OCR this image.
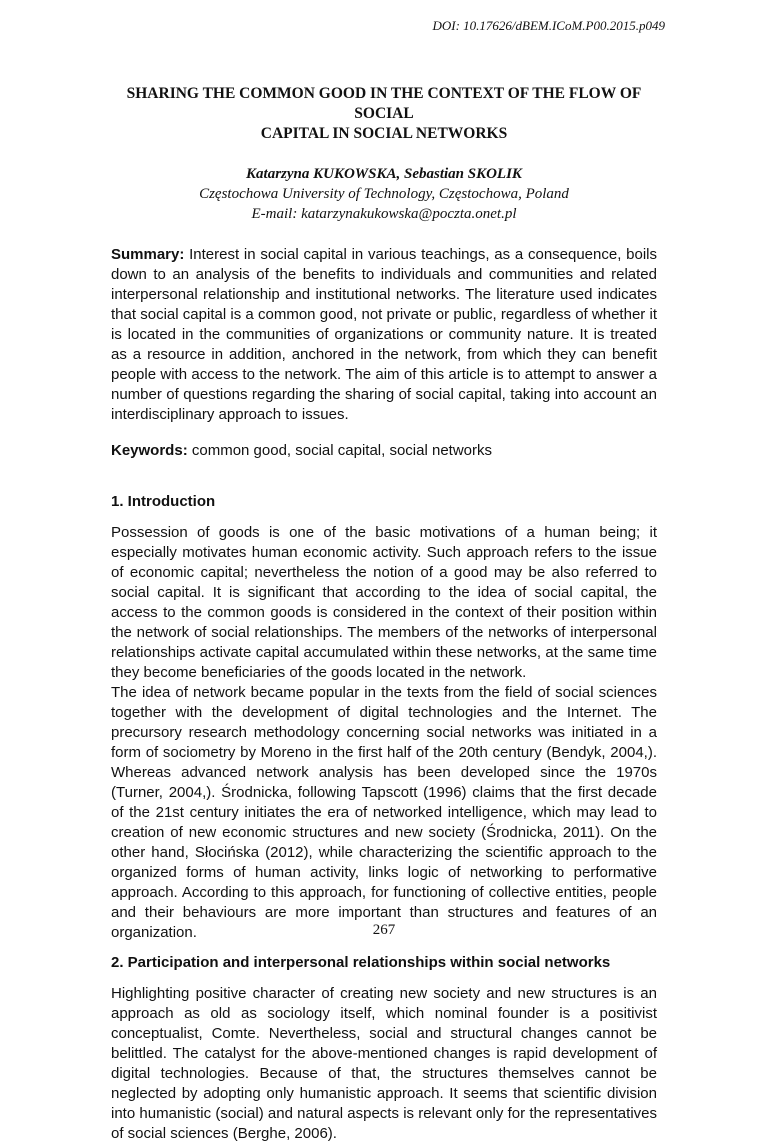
DOI: 10.17626/dBEM.ICoM.P00.2015.p049
SHARING THE COMMON GOOD IN THE CONTEXT OF THE FLOW OF SOCIAL
CAPITAL IN SOCIAL NETWORKS
Katarzyna KUKOWSKA, Sebastian SKOLIK
Częstochowa University of Technology, Częstochowa, Poland
E-mail: katarzynakukowska@poczta.onet.pl

Summary: Interest in social capital in various teachings, as a consequence, boils down to an analysis of the benefits to individuals and communities and related interpersonal relationship and institutional networks. The literature used indicates that social capital is a common good, not private or public, regardless of whether it is located in the communities of organizations or community nature. It is treated as a resource in addition, anchored in the network, from which they can benefit people with access to the network. The aim of this article is to attempt to answer a number of questions regarding the sharing of social capital, taking into account an interdisciplinary approach to issues.

Keywords: common good, social capital, social networks

1. Introduction

Possession of goods is one of the basic motivations of a human being; it especially motivates human economic activity. Such approach refers to the issue of economic capital; nevertheless the notion of a good may be also referred to social capital. It is significant that according to the idea of social capital, the access to the common goods is considered in the context of their position within the network of social relationships. The members of the networks of interpersonal relationships activate capital accumulated within these networks, at the same time they become beneficiaries of the goods located in the network.

The idea of network became popular in the texts from the field of social sciences together with the development of digital technologies and the Internet. The precursory research methodology concerning social networks was initiated in a form of sociometry by Moreno in the first half of the 20th century (Bendyk, 2004,). Whereas advanced network analysis has been developed since the 1970s (Turner, 2004,). Środnicka, following Tapscott (1996) claims that the first decade of the 21st century initiates the era of networked intelligence, which may lead to creation of new economic structures and new society (Środnicka, 2011). On the other hand, Słocińska (2012), while characterizing the scientific approach to the organized forms of human activity, links logic of networking to performative approach. According to this approach, for functioning of collective entities, people and their behaviours are more important than structures and features of an organization.

2. Participation and interpersonal relationships within social networks

Highlighting positive character of creating new society and new structures is an approach as old as sociology itself, which nominal founder is a positivist conceptualist, Comte. Nevertheless, social and structural changes cannot be belittled. The catalyst for the above-mentioned changes is rapid development of digital technologies. Because of that, the structures themselves cannot be neglected by adopting only humanistic approach. It seems that scientific division into humanistic (social) and natural aspects is relevant only for the representatives of social sciences (Berghe, 2006).

267
